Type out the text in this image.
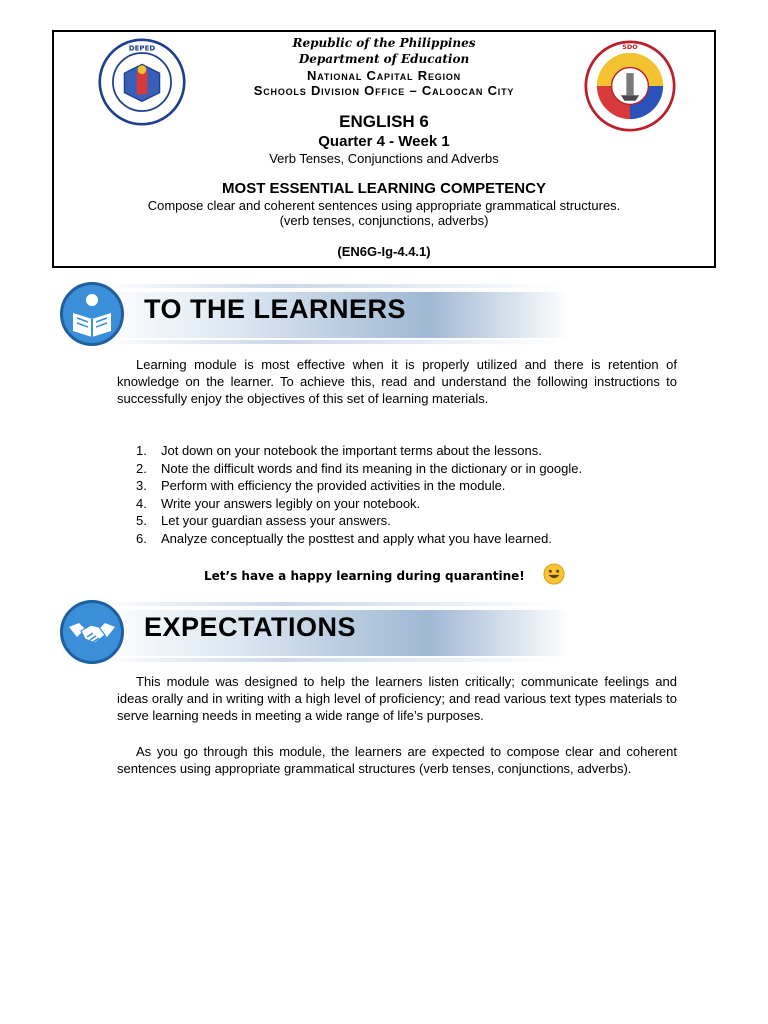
DEPED	Republic of the Philippines
Department of Education
National Capital Region
Schools Division Office – Caloocan City
ENGLISH 6
Quarter 4 - Week 1
Verb Tenses, Conjunctions and Adverbs
MOST ESSENTIAL LEARNING COMPETENCY
Compose clear and coherent sentences using appropriate grammatical structures.
(verb tenses, conjunctions, adverbs)
(EN6G-Ig-4.4.1)
SDO
TO THE LEARNERS
Learning module is most effective when it is properly utilized and there is retention of knowledge on the learner. To achieve this, read and understand the following instructions to successfully enjoy the objectives of this set of learning materials.
1. Jot down on your notebook the important terms about the lessons.
2. Note the difficult words and find its meaning in the dictionary or in google.
3. Perform with efficiency the provided activities in the module.
4. Write your answers legibly on your notebook.
5. Let your guardian assess your answers.
6. Analyze conceptually the posttest and apply what you have learned.
Let’s have a happy learning during quarantine!
EXPECTATIONS
This module was designed to help the learners listen critically; communicate feelings and ideas orally and in writing with a high level of proficiency; and read various text types materials to serve learning needs in meeting a wide range of life’s purposes.
As you go through this module, the learners are expected to compose clear and coherent sentences using appropriate grammatical structures (verb tenses, conjunctions, adverbs).
